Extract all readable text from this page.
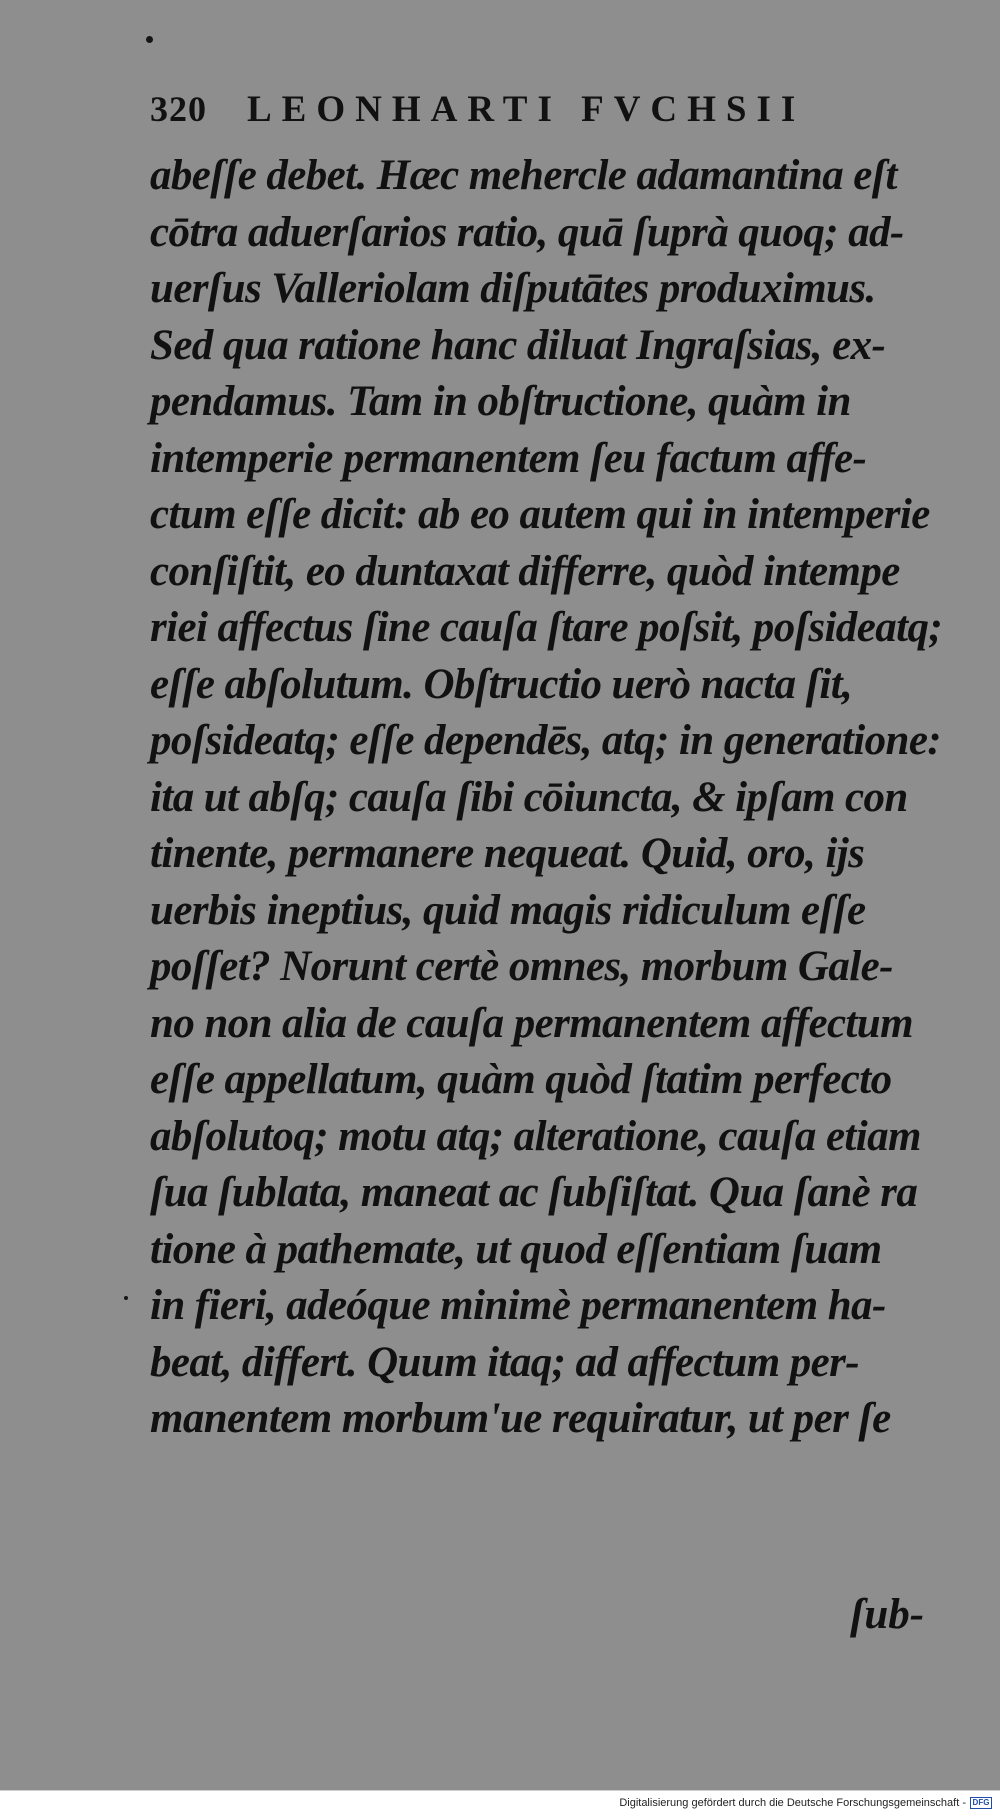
320 LEONHARTI FVCHSII
abeſſe debet. Hæc mehercle adamantina eſt
cōtra aduerſarios ratio, quā ſuprà quoq; ad-
uerſus Valleriolam diſputātes produximus.
Sed qua ratione hanc diluat Ingraſsias, ex-
pendamus. Tam in obſtructione, quàm in
intemperie permanentem ſeu factum affe-
ctum eſſe dicit: ab eo autem qui in intemperie
conſiſtit, eo duntaxat differre, quòd intempe
riei affectus ſine cauſa ſtare poſsit, poſsideatq;
eſſe abſolutum. Obſtructio uerò nacta ſit,
poſsideatq; eſſe dependēs, atq; in generatione:
ita ut abſq; cauſa ſibi cōiuncta, & ipſam con
tinente, permanere nequeat. Quid, oro, ijs
uerbis ineptius, quid magis ridiculum eſſe
poſſet? Norunt certè omnes, morbum Gale-
no non alia de cauſa permanentem affectum
eſſe appellatum, quàm quòd ſtatim perfecto
abſolutoq; motu atq; alteratione, cauſa etiam
ſua ſublata, maneat ac ſubſiſtat. Qua ſanè ra
tione à pathemate, ut quod eſſentiam ſuam
in fieri, adeóque minimè permanentem ha-
beat, differt. Quum itaq; ad affectum per-
manentem morbum'ue requiratur, ut per ſe
ſub-
Digitalisierung gefördert durch die Deutsche Forschungsgemeinschaft - DFG
